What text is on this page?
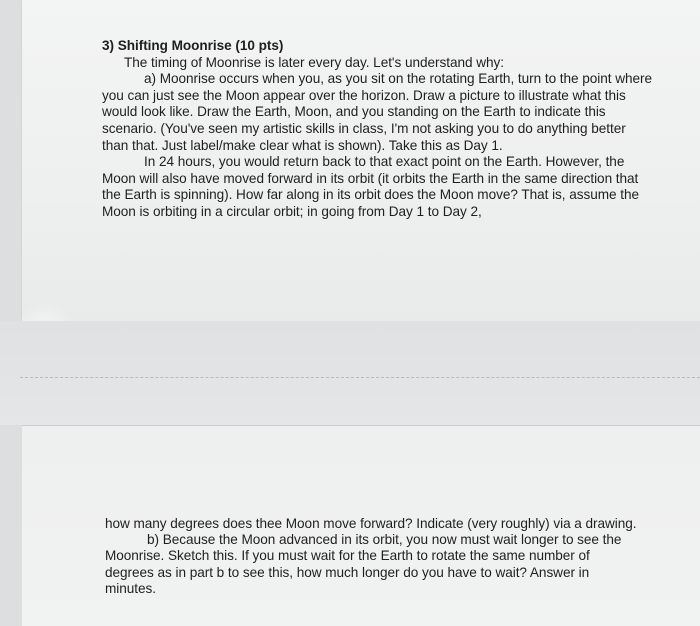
3) Shifting Moonrise (10 pts)

The timing of Moonrise is later every day. Let's understand why:

a) Moonrise occurs when you, as you sit on the rotating Earth, turn to the point where you can just see the Moon appear over the horizon. Draw a picture to illustrate what this would look like. Draw the Earth, Moon, and you standing on the Earth to indicate this scenario. (You've seen my artistic skills in class, I'm not asking you to do anything better than that. Just label/make clear what is shown). Take this as Day 1.

In 24 hours, you would return back to that exact point on the Earth. However, the Moon will also have moved forward in its orbit (it orbits the Earth in the same direction that the Earth is spinning). How far along in its orbit does the Moon move? That is, assume the Moon is orbiting in a circular orbit; in going from Day 1 to Day 2,

how many degrees does thee Moon move forward? Indicate (very roughly) via a drawing.

b) Because the Moon advanced in its orbit, you now must wait longer to see the Moonrise. Sketch this. If you must wait for the Earth to rotate the same number of degrees as in part b to see this, how much longer do you have to wait? Answer in minutes.
